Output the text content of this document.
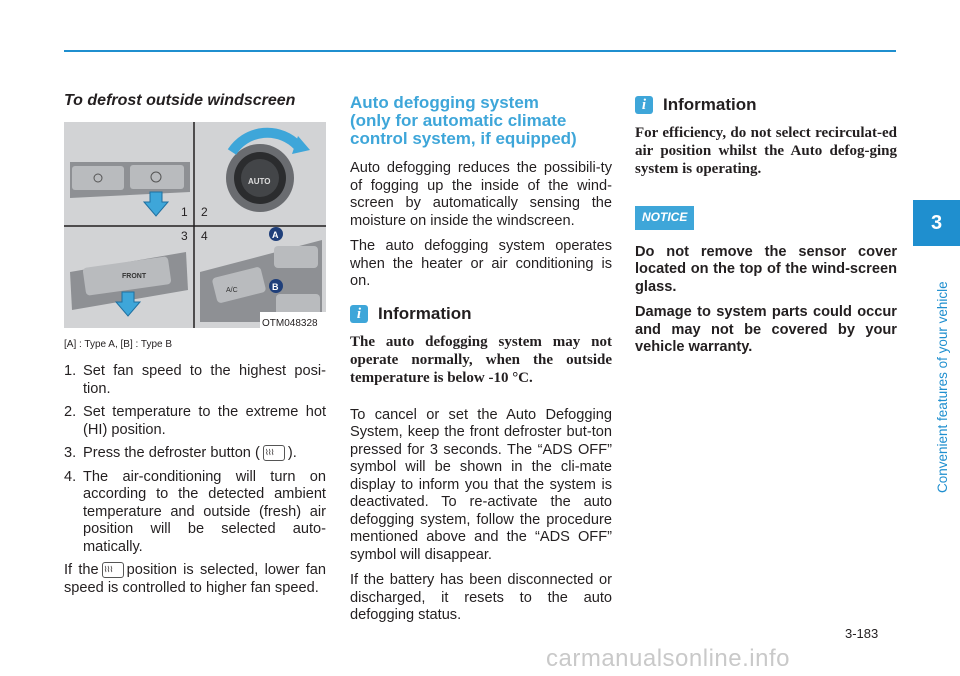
To defrost outside windscreen
1 2
3 4	A
B
AUTO
FRONT
A/C
OTM048328
[A] : Type A, [B] : Type B
1. Set fan speed to the highest posi-tion.
2. Set temperature to the extreme hot (HI) position.
3. Press the defroster button ( ⌇⌇⌇ ).
4. The air-conditioning will turn on according to the detected ambient temperature and outside (fresh) air position will be selected auto-matically.

If the ⌇⌇⌇ position is selected, lower fan speed is controlled to higher fan speed.

Auto defogging system
(only for automatic climate
control system, if equipped)

Auto defogging reduces the possibili-ty of fogging up the inside of the wind-screen by automatically sensing the moisture on inside the windscreen.

The auto defogging system operates when the heater or air conditioning is on.

i Information
The auto defogging system may not operate normally, when the outside temperature is below -10 °C.

To cancel or set the Auto Defogging System, keep the front defroster but-ton pressed for 3 seconds. The “ADS OFF” symbol will be shown in the cli-mate display to inform you that the system is deactivated. To re-activate the auto defogging system, follow the procedure mentioned above and the “ADS OFF” symbol will disappear.

If the battery has been disconnected or discharged, it resets to the auto defogging status.

i Information
For efficiency, do not select recirculat-ed air position whilst the Auto defog-ging system is operating.
NOTICE
Do not remove the sensor cover located on the top of the wind-screen glass.
Damage to system parts could occur and may not be covered by your vehicle warranty.
3
Convenient features of your vehicle
3-183
carmanualsonline.info
